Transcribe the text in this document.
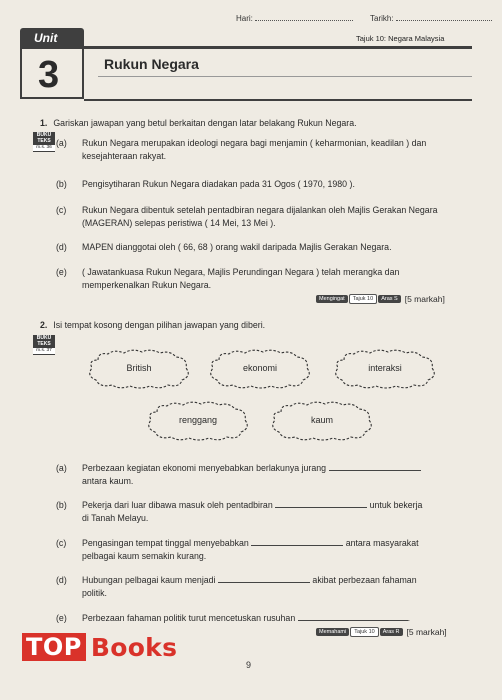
Hari:	Tarikh:
Unit	Tajuk 10: Negara Malaysia
3	Rukun Negara
1. Gariskan jawapan yang betul berkaitan dengan latar belakang Rukun Negara.
BUKU
TEKS
m.s. 36 (a) Rukun Negara merupakan ideologi negara bagi menjamin ( keharmonian, keadilan ) dan kesejahteraan rakyat.
(b) Pengisytiharan Rukun Negara diadakan pada 31 Ogos ( 1970, 1980 ).
(c) Rukun Negara dibentuk setelah pentadbiran negara dijalankan oleh Majlis Gerakan Negara (MAGERAN) selepas peristiwa ( 14 Mei, 13 Mei ).
(d) MAPEN dianggotai oleh ( 66, 68 ) orang wakil daripada Majlis Gerakan Negara.
(e) ( Jawatankuasa Rukun Negara, Majlis Perundingan Negara ) telah merangka dan memperkenalkan Rukun Negara.
Mengingat Tajuk 10 Aras S [5 markah]
2. Isi tempat kosong dengan pilihan jawapan yang diberi.
BUKU
TEKS
m.s. 37
British	ekonomi	interaksi
renggang	kaum
(a) Perbezaan kegiatan ekonomi menyebabkan berlakunya jurang
antara kaum.
(b) Pekerja dari luar dibawa masuk oleh pentadbiran	untuk bekerja
di Tanah Melayu.
(c) Pengasingan tempat tinggal menyebabkan	antara masyarakat
pelbagai kaum semakin kurang.
(d) Hubungan pelbagai kaum menjadi	akibat perbezaan fahaman
politik.
(e) Perbezaan fahaman politik turut mencetuskan rusuhan	.
Memahami Tajuk 10 Aras R [5 markah]
TOP Books
9
